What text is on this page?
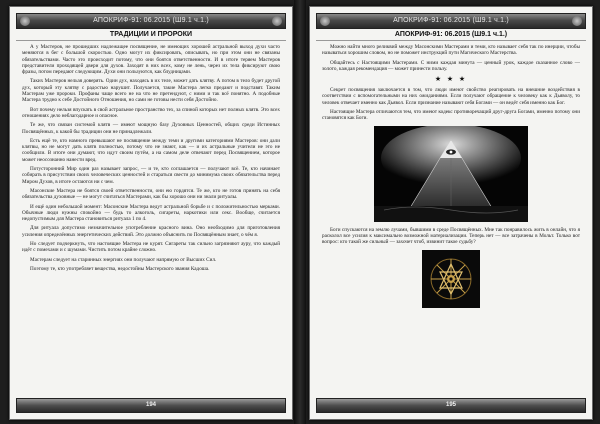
АПОКРИФ-91: 06.2015 (Ш9.1 ч.1.)
ТРАДИЦИИ И ПРОРОКИ

А у Мастеров, не прошедших надлежащее посвящение, не имеющих хорошей астральной выход духи часто меняются в бег с большой скоростью. Одно могут их фиксировать, описывать, но при этом они не связаны обязательствами. Часто это происходит потому, что они боятся ответственности. И в итоге теряем Мастеров представители проходящей двери для духов. Заходят в них всех, кому не лень, через их тела фиксируют свою фразы, потом передают следующим. Духи они пользуются, как блудницами.

Таких Мастеров нельзя доверять. Один дух, находясь в их теле, может дать клятву. А потом в тело будет другой дух, который эту клятву с радостью нарушит. Получается, такие Мастера легко предают и подставят. Таким Мастерам уже пророки. Профаны чаще всего не на что не претендуют, с ними и так всё понятно. А подобные Мастера трудно к себе Достойного Отношения, но сами не готовы нести себя Достойно.

Вот почему нельзя впускать в свой астральное пространство тех, за спиной которых нет полных клятв. Это всех отношениях дело неблагодарное и опасное.

Те же, что связан системой клятв — имеют мощную базу Духовных Ценностей, общих среди Истинных Посвящённых, к какой бы традиции они не принадлежали.

Есть ещё те, кто намного превышают не посвящение между теми и другими категориями Мастеров: они дали клятвы, но не могут дать клятв полностью, потому что не знают, как — и их астральные учители не это не сообщили. В итоге они думают, что идут своим путём, а на самом деле отвечают перед Посвящением, которое может неосознанно нанести вред.

Потусторонний Мир один раз называет запрос, — и те, кто соглашается — получают всё. Те, кто начинает собирать в присутствии своих человеческих ценностей и стараться свести до минимума своих обязательства перед Миром Духов, в итоге остаются ни с чем.

Масонские Мастера не боятся своей ответственности, они ею гордятся. Те же, кто не готов принять на себя обязательства духовные — не могут считаться Мастерами, как бы хорошо они ни знали ритуалы.

И ещё один небольшой момент: Масонские Мастера ведут астральной борьбе и с положительностью мерками. Обычные люди нужны спокойно — будь то алкоголь, сигареты, наркотики или секс. Вообще, считается недопустимым для Мастера становиться ритуала 1 по 4.

Для ритуала допустимо незначительное употребление красного вина. Оно необходимо для приготовления усиления определённых энергетических действий. Это должно объяснить по Посвящённым знает, о чём я.

Но следует подчеркнуть, что настоящие Мастера не курят. Сигареты так сильно загрязняют ауру, что каждый идёт с помехами и с шумами. Чистить потом крайне сложно.

Мастерам следует на старинных энергиях они получают напрямую от Высших Сил.

Поэтому те, кто употребляет вещества, недостойны Мастерского звания Кадоша.

194
АПОКРИФ-91: 06.2015 (Ш9.1 ч.1.)
АПОКРИФ-91: 06.2015 (Ш9.1 ч.1.)

Можно найти много реликвий между Масонскими Мастерами и теми, кто называет себя так по инерции, чтобы называться хорошим словом, но не поможет инструкций пути Магического Мастерства.

Общайтесь с Настоящими Мастерами. С ними каждая минута — ценный урок, каждое сказанное слово — золото, каждая рекомендация — может принести пользу.

★ ★ ★

Секрет посвящения заключается в том, что люди имеют свойство реагировать на внешние воздействия в соответствии с вспомогательными на них ожиданиями. Если получают обращение к человеку как к Дьяволу, то человек отвечает именно как Дьявол. Если признание называют себя Богами — он ведёт себя именно как Бог.

Настоящие Мастера отличаются тем, что имеют кодекс противоречащий друг-друга Богами, именно потому они становятся как Боги.

Боги спускаются на землю лучами, бывшими в среде Посвящённых. Мне так понравилось жить в онлайн, что я расколол все усилия к максимально возможной материализации. Теперь нет — все затрачены в Мольт. Только вот вопрос: кто такой же сильный — захочет чтоб, извинит такое судьбу?

195
